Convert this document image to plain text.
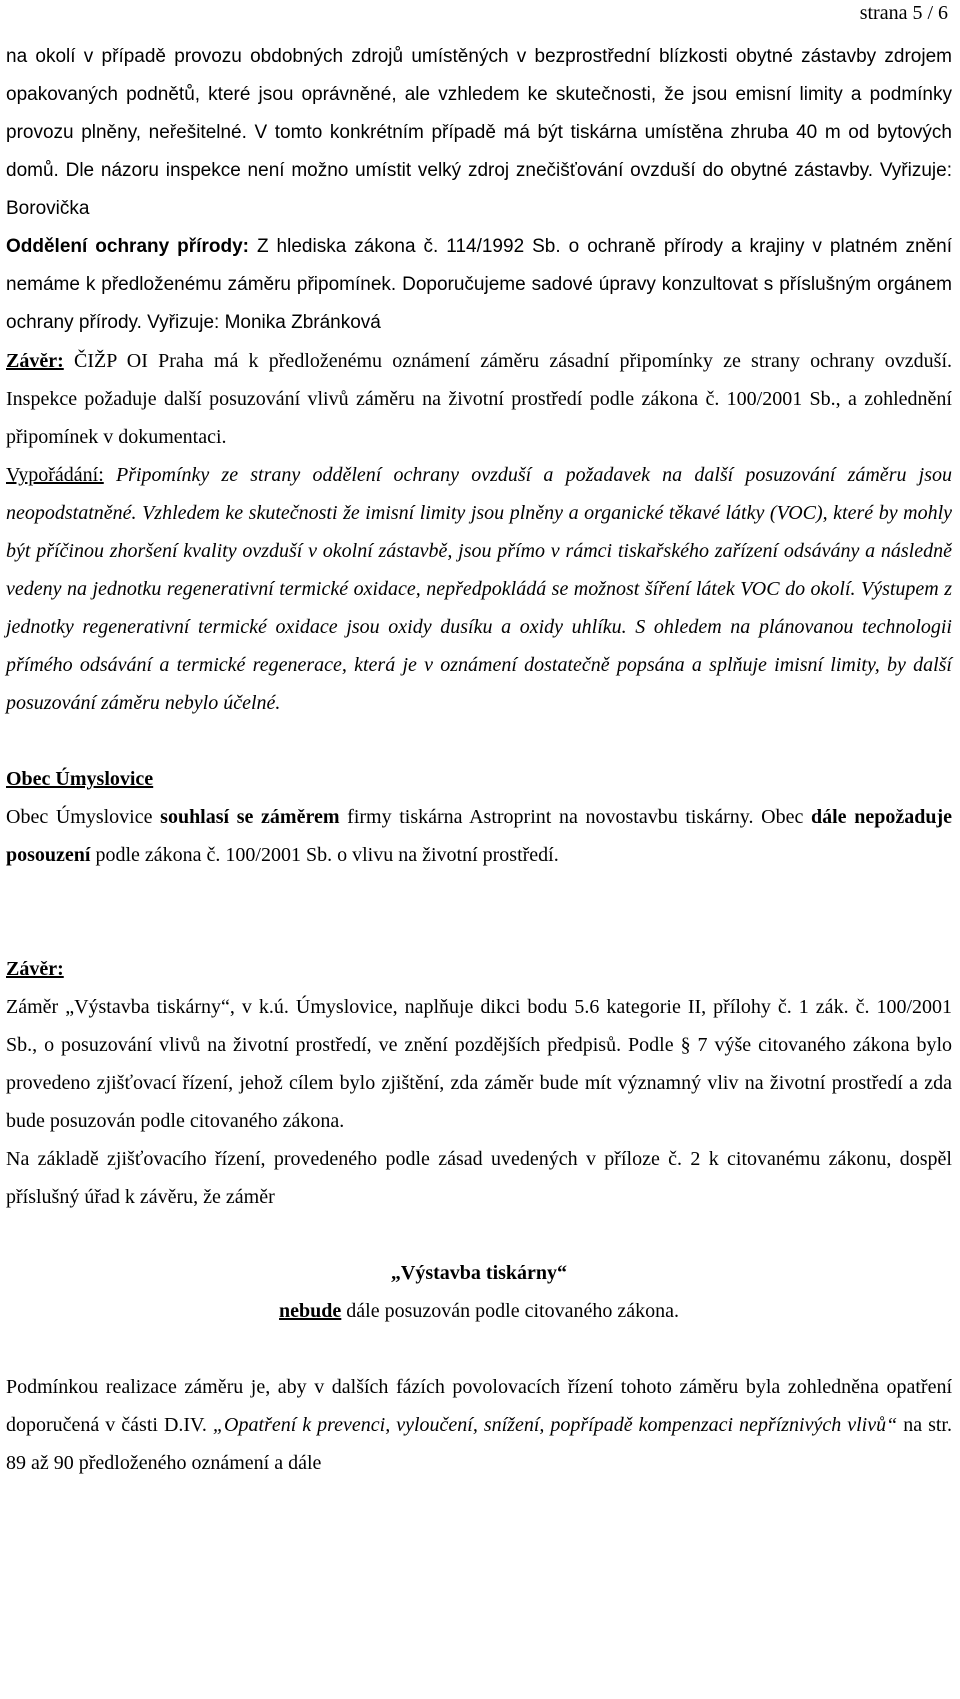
strana 5 / 6

na okolí v případě provozu obdobných zdrojů umístěných v bezprostřední blízkosti obytné zástavby zdrojem opakovaných podnětů, které jsou oprávněné, ale vzhledem ke skutečnosti, že jsou emisní limity a podmínky provozu plněny, neřešitelné. V tomto konkrétním případě má být tiskárna umístěna zhruba 40 m od bytových domů. Dle názoru inspekce není možno umístit velký zdroj znečišťování ovzduší do obytné zástavby. Vyřizuje: Borovička

Oddělení ochrany přírody: Z hlediska zákona č. 114/1992 Sb. o ochraně přírody a krajiny v platném znění nemáme k předloženému záměru připomínek. Doporučujeme sadové úpravy konzultovat s příslušným orgánem ochrany přírody. Vyřizuje: Monika Zbránková

Závěr: ČIŽP OI Praha má k předloženému oznámení záměru zásadní připomínky ze strany ochrany ovzduší. Inspekce požaduje další posuzování vlivů záměru na životní prostředí podle zákona č. 100/2001 Sb., a zohlednění připomínek v dokumentaci.

Vypořádání: Připomínky ze strany oddělení ochrany ovzduší a požadavek na další posuzování záměru jsou neopodstatněné. Vzhledem ke skutečnosti že imisní limity jsou plněny a organické těkavé látky (VOC), které by mohly být příčinou zhoršení kvality ovzduší v okolní zástavbě, jsou přímo v rámci tiskařského zařízení odsávány a následně vedeny na jednotku regenerativní termické oxidace, nepředpokládá se možnost šíření látek VOC do okolí. Výstupem z jednotky regenerativní termické oxidace jsou oxidy dusíku a oxidy uhlíku. S ohledem na plánovanou technologii přímého odsávání a termické regenerace, která je v oznámení dostatečně popsána a splňuje imisní limity, by další posuzování záměru nebylo účelné.

Obec Úmyslovice

Obec Úmyslovice souhlasí se záměrem firmy tiskárna Astroprint na novostavbu tiskárny. Obec dále nepožaduje posouzení podle zákona č. 100/2001 Sb. o vlivu na životní prostředí.

Závěr:

Záměr „Výstavba tiskárny“, v k.ú. Úmyslovice, naplňuje dikci bodu 5.6 kategorie II, přílohy č. 1 zák. č. 100/2001 Sb., o posuzování vlivů na životní prostředí, ve znění pozdějších předpisů. Podle § 7 výše citovaného zákona bylo provedeno zjišťovací řízení, jehož cílem bylo zjištění, zda záměr bude mít významný vliv na životní prostředí a zda bude posuzován podle citovaného zákona.

Na základě zjišťovacího řízení, provedeného podle zásad uvedených v příloze č. 2 k citovanému zákonu, dospěl příslušný úřad k závěru, že záměr

„Výstavba tiskárny“

nebude dále posuzován podle citovaného zákona.

Podmínkou realizace záměru je, aby v dalších fázích povolovacích řízení tohoto záměru byla zohledněna opatření doporučená v části D.IV. „Opatření k prevenci, vyloučení, snížení, popřípadě kompenzaci nepříznivých vlivů“ na str. 89 až 90 předloženého oznámení a dále
